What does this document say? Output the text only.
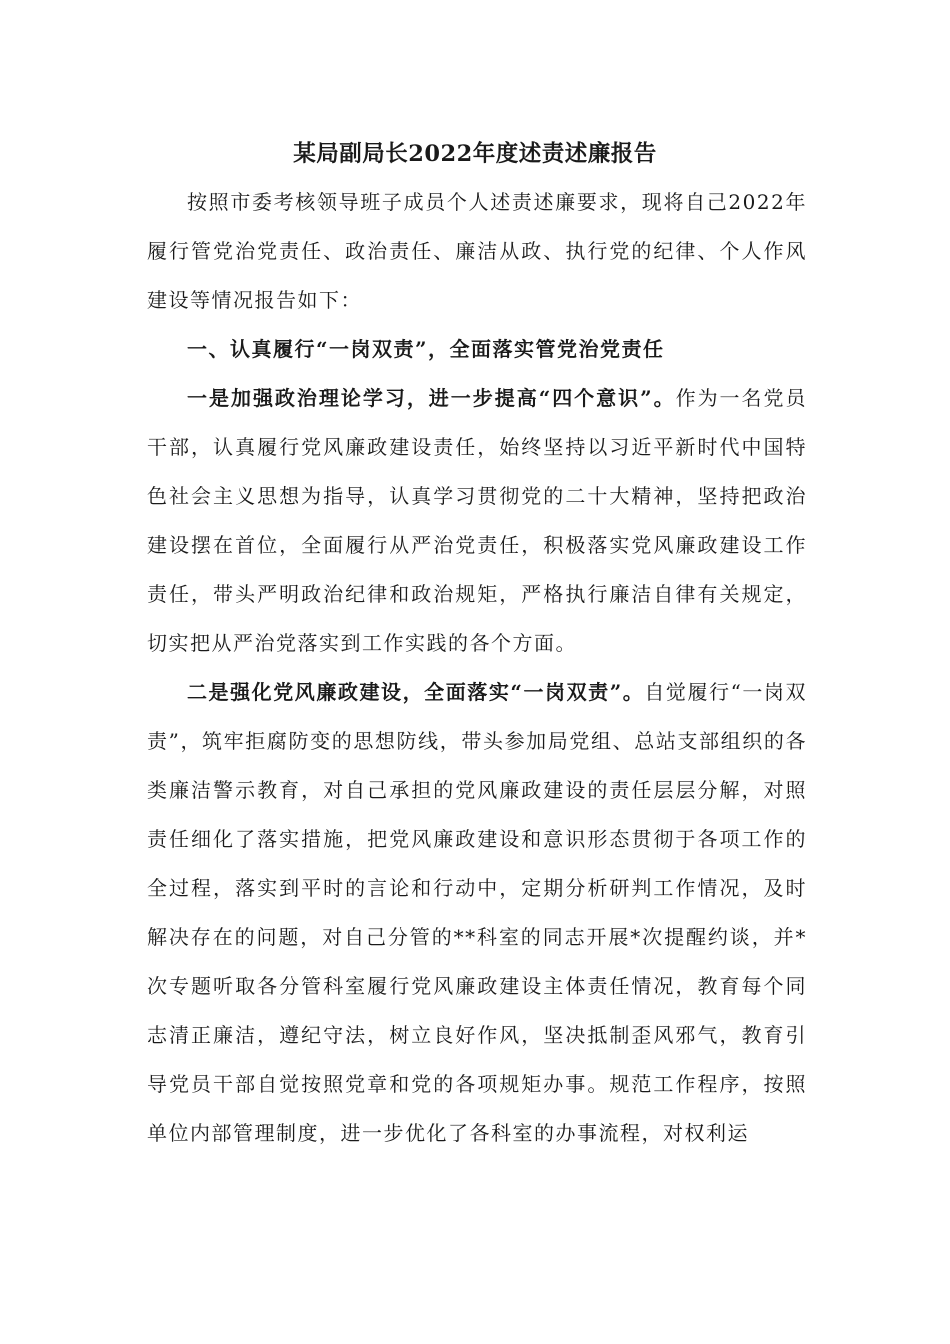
某局副局长2022年度述责述廉报告

按照市委考核领导班子成员个人述责述廉要求，现将自己2022年履行管党治党责任、政治责任、廉洁从政、执行党的纪律、个人作风建设等情况报告如下：

一、认真履行“一岗双责”，全面落实管党治党责任

一是加强政治理论学习，进一步提高“四个意识”。作为一名党员干部，认真履行党风廉政建设责任，始终坚持以习近平新时代中国特色社会主义思想为指导，认真学习贯彻党的二十大精神，坚持把政治建设摆在首位，全面履行从严治党责任，积极落实党风廉政建设工作责任，带头严明政治纪律和政治规矩，严格执行廉洁自律有关规定，切实把从严治党落实到工作实践的各个方面。

二是强化党风廉政建设，全面落实“一岗双责”。自觉履行“一岗双责”，筑牢拒腐防变的思想防线，带头参加局党组、总站支部组织的各类廉洁警示教育，对自己承担的党风廉政建设的责任层层分解，对照责任细化了落实措施，把党风廉政建设和意识形态贯彻于各项工作的全过程，落实到平时的言论和行动中，定期分析研判工作情况，及时解决存在的问题，对自己分管的**科室的同志开展*次提醒约谈，并*次专题听取各分管科室履行党风廉政建设主体责任情况，教育每个同志清正廉洁，遵纪守法，树立良好作风，坚决抵制歪风邪气，教育引导党员干部自觉按照党章和党的各项规矩办事。规范工作程序，按照单位内部管理制度，进一步优化了各科室的办事流程，对权利运
